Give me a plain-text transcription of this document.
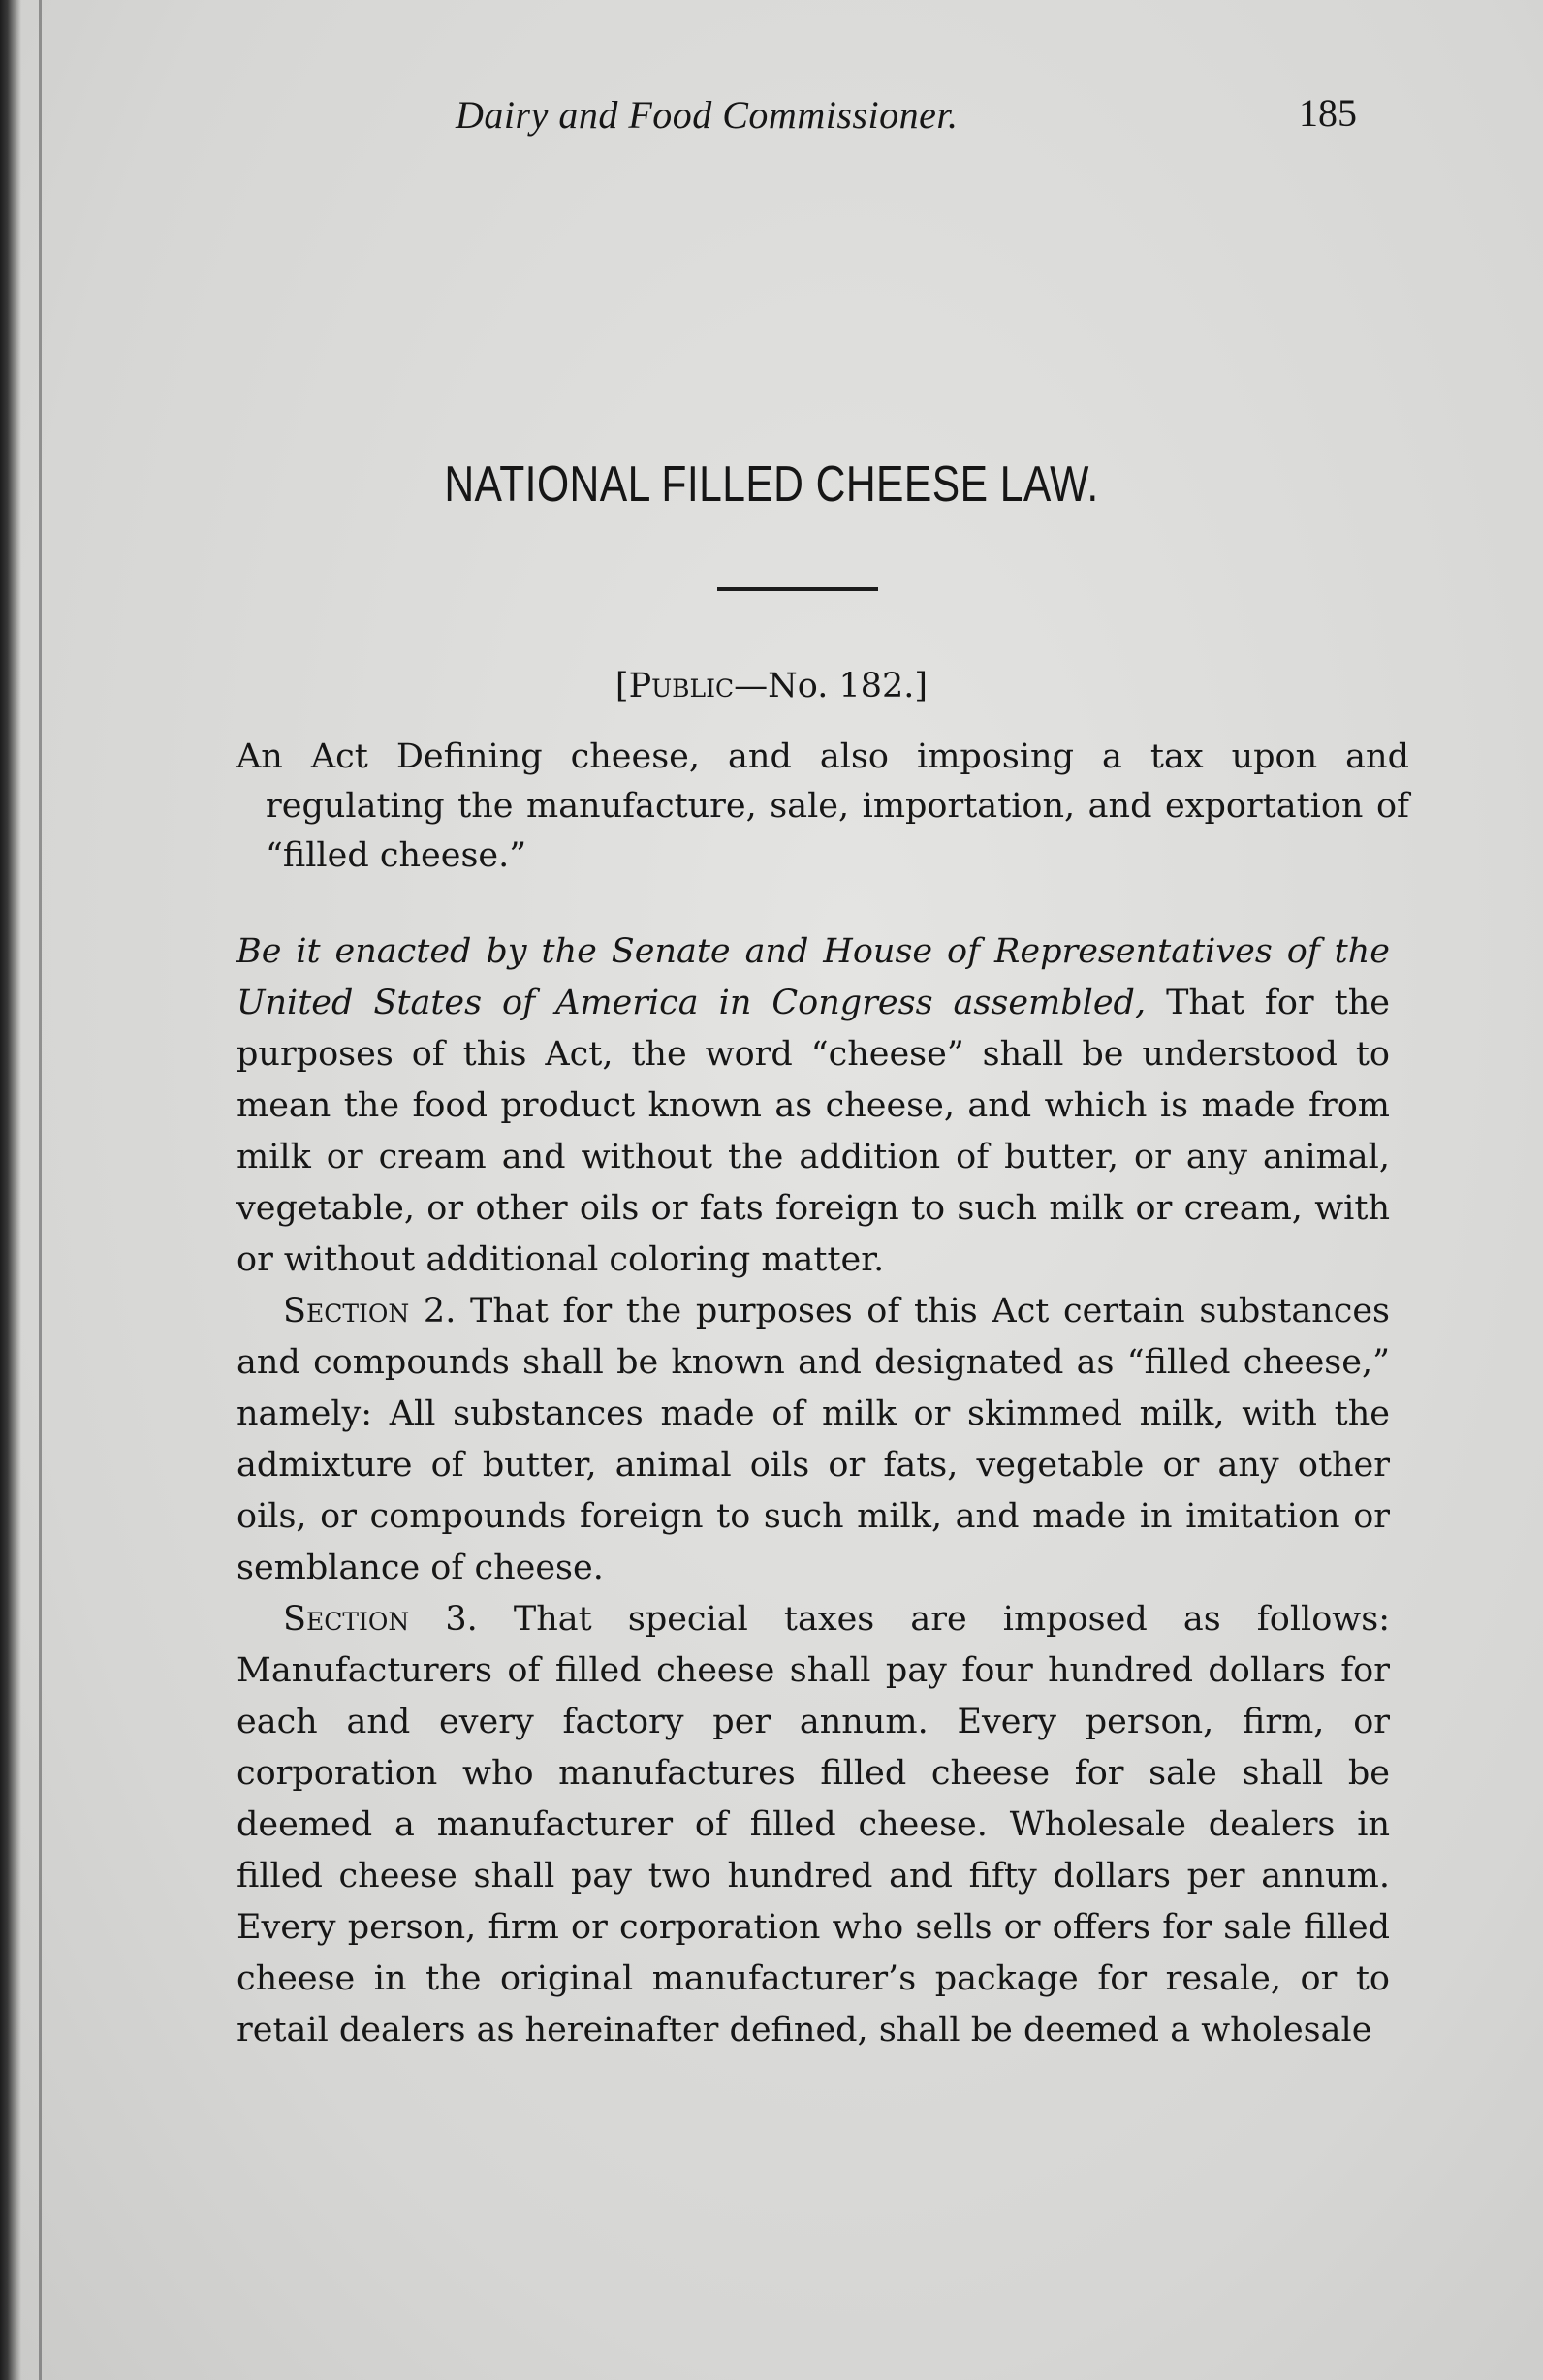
Dairy and Food Commissioner.	185
NATIONAL FILLED CHEESE LAW.
[Public—No. 182.]

An Act Defining cheese, and also imposing a tax upon and regulating the manufacture, sale, importation, and exportation of “filled cheese.”

Be it enacted by the Senate and House of Representatives of the United States of America in Congress assembled, That for the purposes of this Act, the word “cheese” shall be understood to mean the food product known as cheese, and which is made from milk or cream and without the addition of butter, or any animal, vegetable, or other oils or fats foreign to such milk or cream, with or without additional coloring matter.

Section 2. That for the purposes of this Act certain substances and compounds shall be known and designated as “filled cheese,” namely: All substances made of milk or skimmed milk, with the admixture of butter, animal oils or fats, vegetable or any other oils, or compounds foreign to such milk, and made in imitation or semblance of cheese.

Section 3. That special taxes are imposed as follows: Manufacturers of filled cheese shall pay four hundred dollars for each and every factory per annum. Every person, firm, or corporation who manufactures filled cheese for sale shall be deemed a manufacturer of filled cheese. Wholesale dealers in filled cheese shall pay two hundred and fifty dollars per annum. Every person, firm or corporation who sells or offers for sale filled cheese in the original manufacturer’s package for resale, or to retail dealers as hereinafter defined, shall be deemed a wholesale
